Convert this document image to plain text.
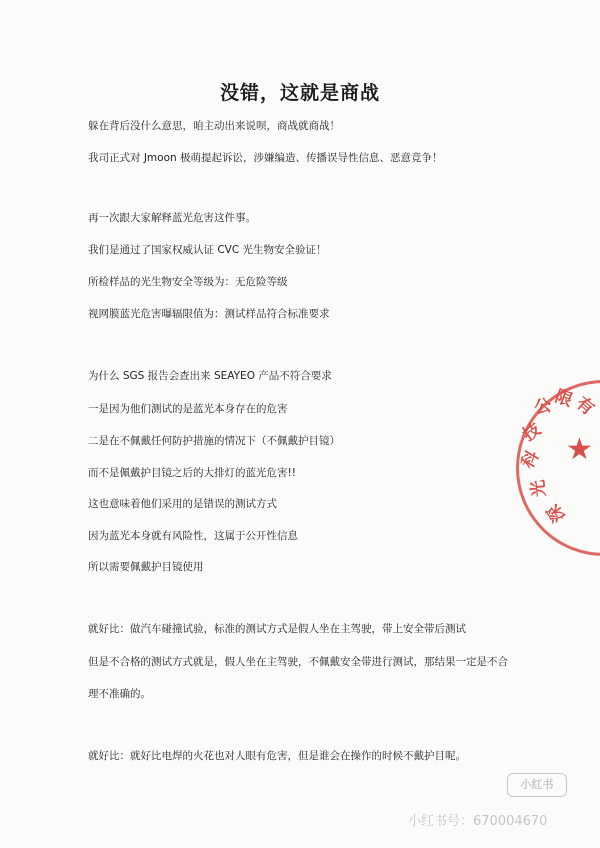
没错，这就是商战
躲在背后没什么意思，咱主动出来说呗，商战就商战！
我司正式对 Jmoon 极萌提起诉讼，涉嫌编造、传播误导性信息、恶意竞争！
再一次跟大家解释蓝光危害这件事。
我们是通过了国家权威认证 CVC 光生物安全验证！
所检样品的光生物安全等级为：无危险等级
视网膜蓝光危害曝辐限值为：测试样品符合标准要求
为什么 SGS 报告会查出来 SEAYEO 产品不符合要求
一是因为他们测试的是蓝光本身存在的危害
二是在不佩戴任何防护措施的情况下（不佩戴护目镜）
而不是佩戴护目镜之后的大排灯的蓝光危害!!
这也意味着他们采用的是错误的测试方式
因为蓝光本身就有风险性，这属于公开性信息
所以需要佩戴护目镜使用
就好比：做汽车碰撞试验，标准的测试方式是假人坐在主驾驶，带上安全带后测试
但是不合格的测试方式就是，假人坐在主驾驶，不佩戴安全带进行测试，那结果一定是不合
理不准确的。
就好比：就好比电焊的火花也对人眼有危害，但是谁会在操作的时候不戴护目呢。
★
有
限
公
技
科
光
深
小红书
小红书号：670004670
